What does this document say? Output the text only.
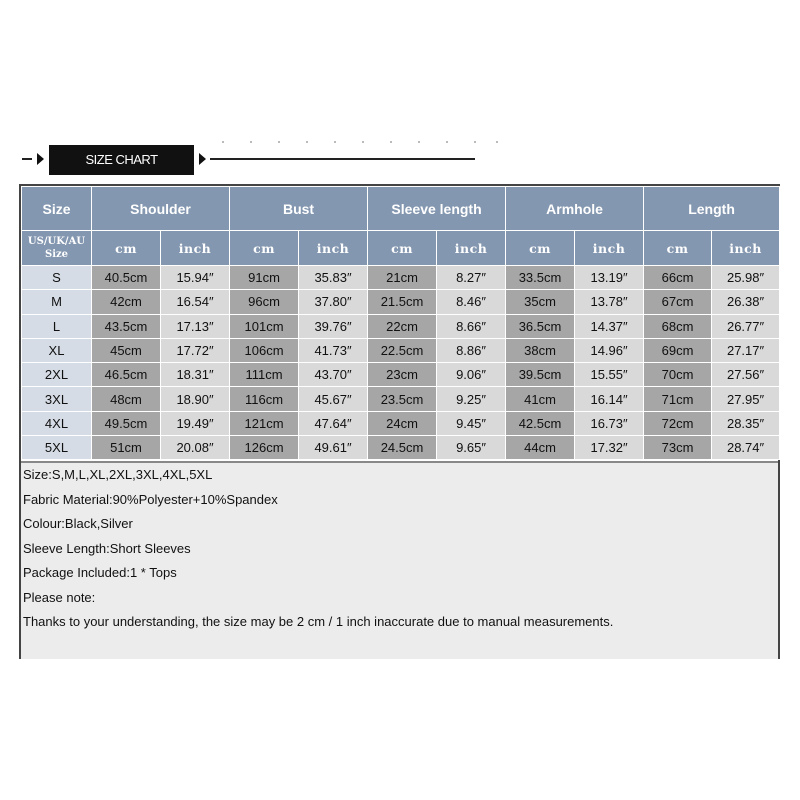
SIZE CHART
Size	Shoulder		Bust		Sleeve length		Armhole		Length	
US/UK/AU Size	cm	inch	cm	inch	cm	inch	cm	inch	cm	inch
S	40.5cm	15.94″	91cm	35.83″	21cm	8.27″	33.5cm	13.19″	66cm	25.98″
M	42cm	16.54″	96cm	37.80″	21.5cm	8.46″	35cm	13.78″	67cm	26.38″
L	43.5cm	17.13″	101cm	39.76″	22cm	8.66″	36.5cm	14.37″	68cm	26.77″
XL	45cm	17.72″	106cm	41.73″	22.5cm	8.86″	38cm	14.96″	69cm	27.17″
2XL	46.5cm	18.31″	111cm	43.70″	23cm	9.06″	39.5cm	15.55″	70cm	27.56″
3XL	48cm	18.90″	116cm	45.67″	23.5cm	9.25″	41cm	16.14″	71cm	27.95″
4XL	49.5cm	19.49″	121cm	47.64″	24cm	9.45″	42.5cm	16.73″	72cm	28.35″
5XL	51cm	20.08″	126cm	49.61″	24.5cm	9.65″	44cm	17.32″	73cm	28.74″
Size:S,M,L,XL,2XL,3XL,4XL,5XL
Fabric Material:90%Polyester+10%Spandex
Colour:Black,Silver
Sleeve Length:Short Sleeves
Package Included:1 * Tops
Please note:
Thanks to your understanding, the size may be 2 cm / 1 inch inaccurate due to manual measurements.
